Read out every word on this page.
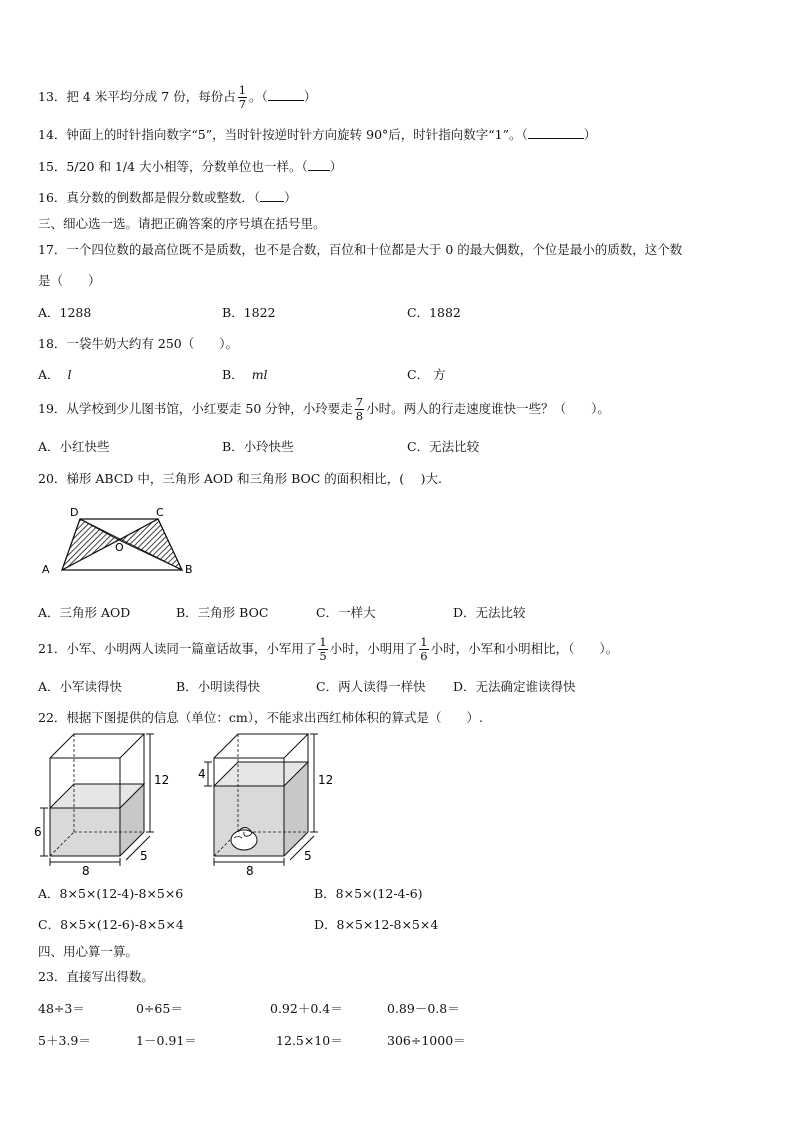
13．把 4 米平均分成 7 份，每份占 $\frac{1}{7}$ 。（	）
14．钟面上的时针指向数字“5”，当时针按逆时针方向旋转 90°后，时针指向数字“1”。（	）
15．5/20 和 1/4 大小相等，分数单位也一样。（ ）
16．真分数的倒数都是假分数或整数．（ ）
三、细心选一选。请把正确答案的序号填在括号里。
17．一个四位数的最高位既不是质数，也不是合数，百位和十位都是大于 0 的最大偶数，个位是最小的质数，这个数
是（　　）
A．1288	B．1822	C．1882
18．一袋牛奶大约有 250（　　）。
A． l	B． ml	C． 方
19．从学校到少儿图书馆，小红要走 50 分钟，小玲要走 $\frac{7}{8}$ 小时。两人的行走速度谁快一些？（　　）。
A．小红快些	B．小玲快些	C．无法比较
20．梯形 ABCD 中，三角形 AOD 和三角形 BOC 的面积相比，(　 )大.
D	C
O
A	B
A．三角形 AOD	B．三角形 BOC	C．一样大	D．无法比较
21．小军、小明两人读同一篇童话故事，小军用了 $\frac{1}{5}$ 小时，小明用了 $\frac{1}{6}$ 小时，小军和小明相比，（　　）。
A．小军读得快	B．小明读得快	C．两人读得一样快 D．无法确定谁读得快
22．根据下图提供的信息（单位：cm），不能求出西红柿体积的算式是（　　）.
12
6
8
5
4	12
8
5
A．8×5×(12-4)-8×5×6	B．8×5×(12-4-6)
C．8×5×(12-6)-8×5×4	D．8×5×12-8×5×4
四、用心算一算。
23．直接写出得数。
48÷3＝	0÷65＝	0.92＋0.4＝	0.89－0.8＝
5＋3.9＝	1－0.91＝	12.5×10＝	306÷1000＝
